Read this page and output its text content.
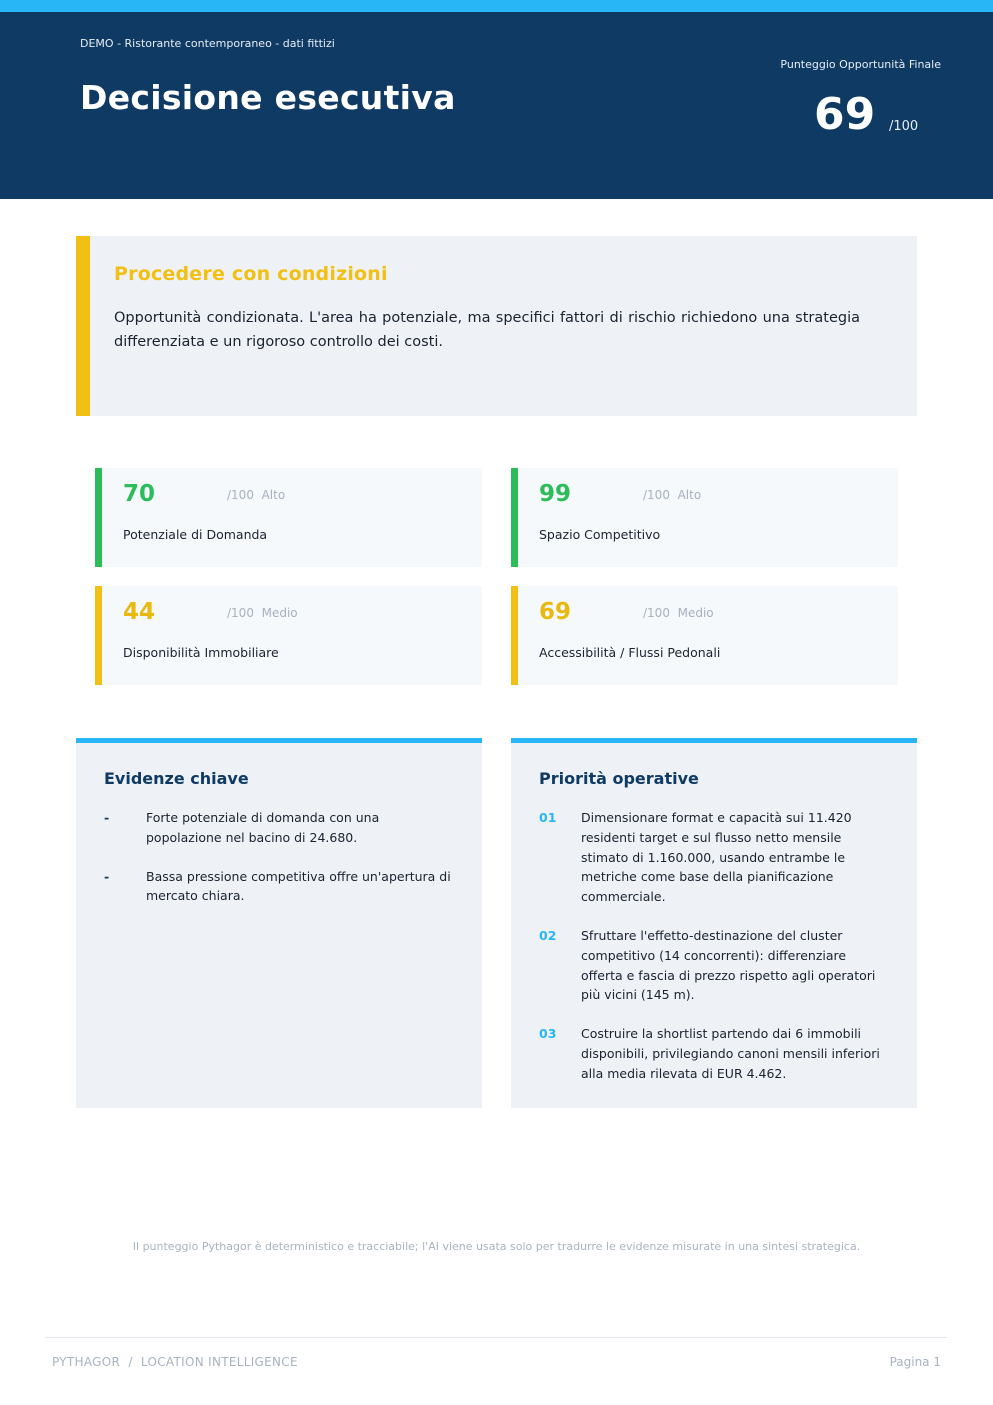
DEMO - Ristorante contemporaneo - dati fittizi
Decisione esecutiva
Punteggio Opportunità Finale
69 /100
Procedere con condizioni

Opportunità condizionata. L'area ha potenziale, ma specifici fattori di rischio richiedono una strategia differenziata e un rigoroso controllo dei costi.

70	/100 Alto
Potenziale di Domanda
99	/100 Alto
Spazio Competitivo
44	/100 Medio
Disponibilità Immobiliare
69	/100 Medio
Accessibilità / Flussi Pedonali
Evidenze chiave
-	Forte potenziale di domanda con una popolazione nel bacino di 24.680.
-	Bassa pressione competitiva offre un'apertura di mercato chiara.
Priorità operative
01 Dimensionare format e capacità sui 11.420 residenti target e sul flusso netto mensile stimato di 1.160.000, usando entrambe le metriche come base della pianificazione commerciale.
02 Sfruttare l'effetto-destinazione del cluster competitivo (14 concorrenti): differenziare offerta e fascia di prezzo rispetto agli operatori più vicini (145 m).
03 Costruire la shortlist partendo dai 6 immobili disponibili, privilegiando canoni mensili inferiori alla media rilevata di EUR 4.462.

Il punteggio Pythagor è deterministico e tracciabile; l'AI viene usata solo per tradurre le evidenze misurate in una sintesi strategica.

PYTHAGOR  /  LOCATION INTELLIGENCE	Pagina 1
